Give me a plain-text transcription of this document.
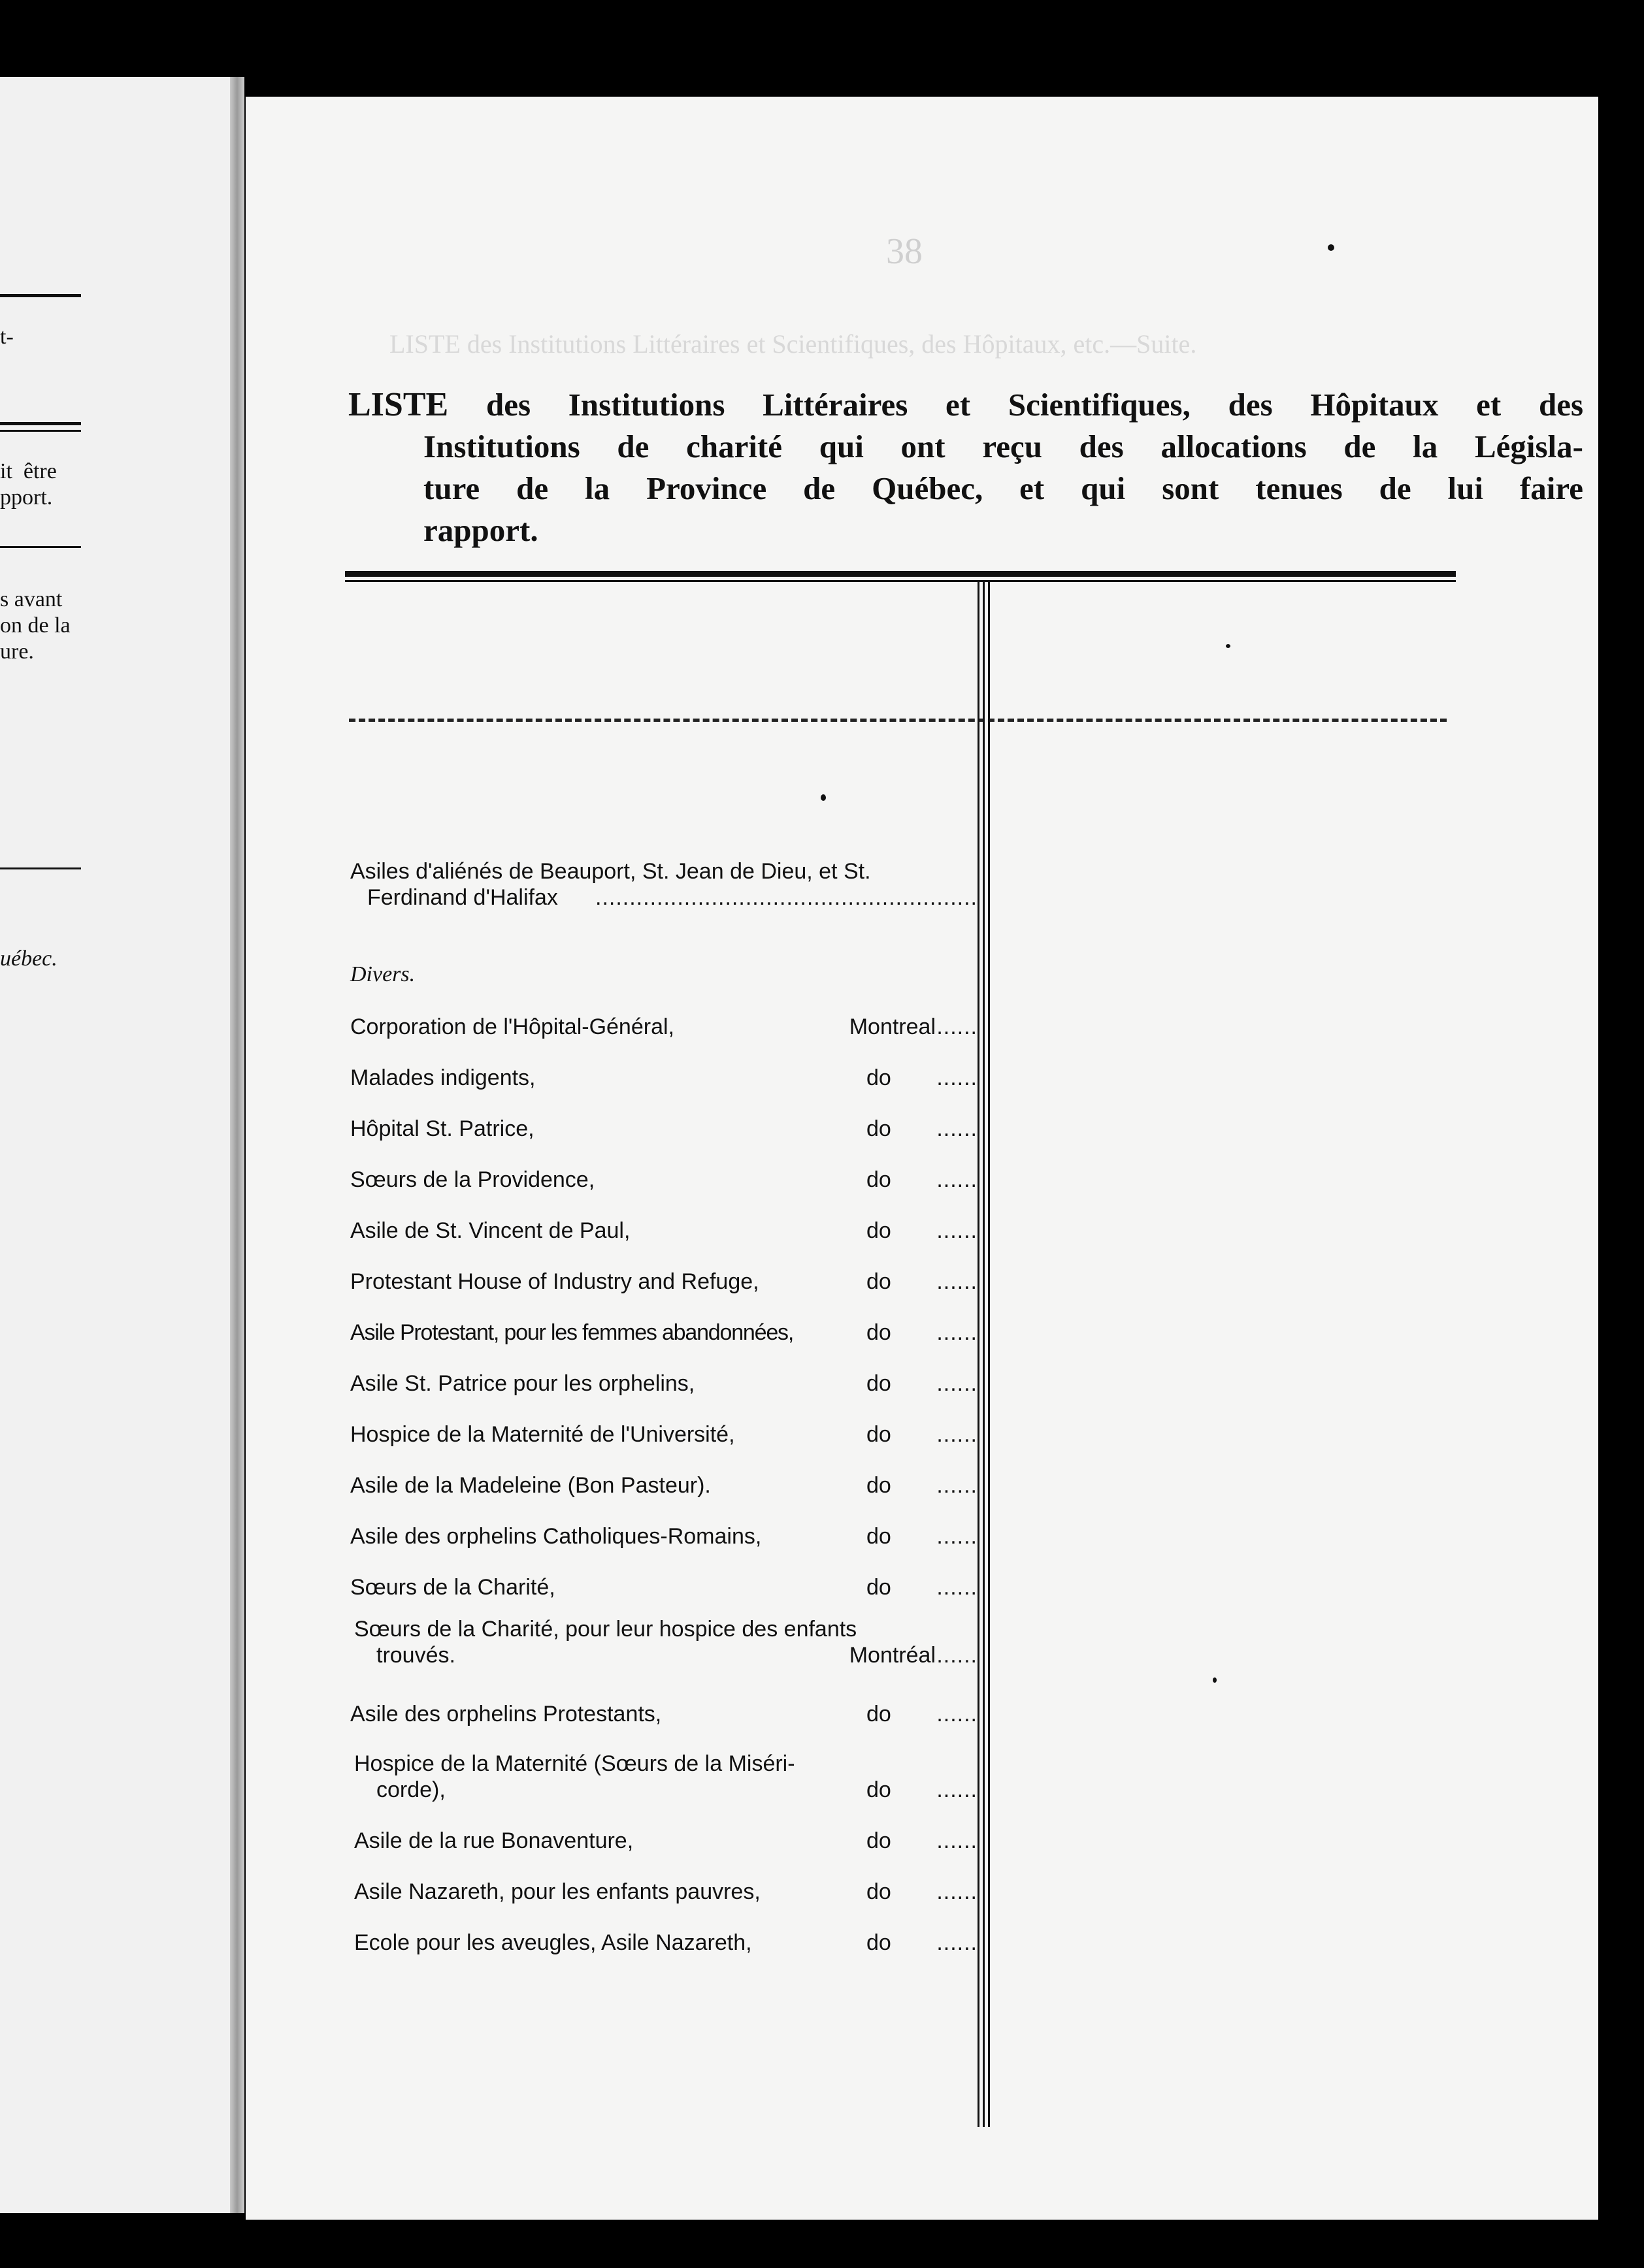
t-
it  être
pport.
s avant
on de la
ure.
uébec.
38
LISTE des Institutions Littéraires et Scientifiques, des Hôpitaux, etc.—Suite.
LISTE des Institutions Littéraires et Scientifiques, des Hôpitaux et des
Institutions de charité qui ont reçu des allocations de la Législa-
ture de la Province de Québec, et qui sont tenues de lui faire
rapport.
Asiles d'aliénés de Beauport, St. Jean de Dieu, et St.
Ferdinand d'Halifax ........................................................
Divers.
Corporation de l'Hôpital-Général,	Montreal ......
Malades indigents,	do ......
Hôpital St. Patrice,	do ......
Sœurs de la Providence,	do ......
Asile de St. Vincent de Paul,	do ......
Protestant House of Industry and Refuge,	do ......
Asile Protestant, pour les femmes abandonnées,	do ......
Asile St. Patrice pour les orphelins,	do ......
Hospice de la Maternité de l'Université,	do ......
Asile de la Madeleine (Bon Pasteur).	do ......
Asile des orphelins Catholiques-Romains,	do ......
Sœurs de la Charité,	do ......
Sœurs de la Charité, pour leur hospice des enfants
trouvés.	Montréal ......
Asile des orphelins Protestants,	do ......
Hospice de la Maternité (Sœurs de la Miséri-
corde),	do ......
Asile de la rue Bonaventure,	do ......
Asile Nazareth, pour les enfants pauvres,	do ......
Ecole pour les aveugles, Asile Nazareth,	do ......
